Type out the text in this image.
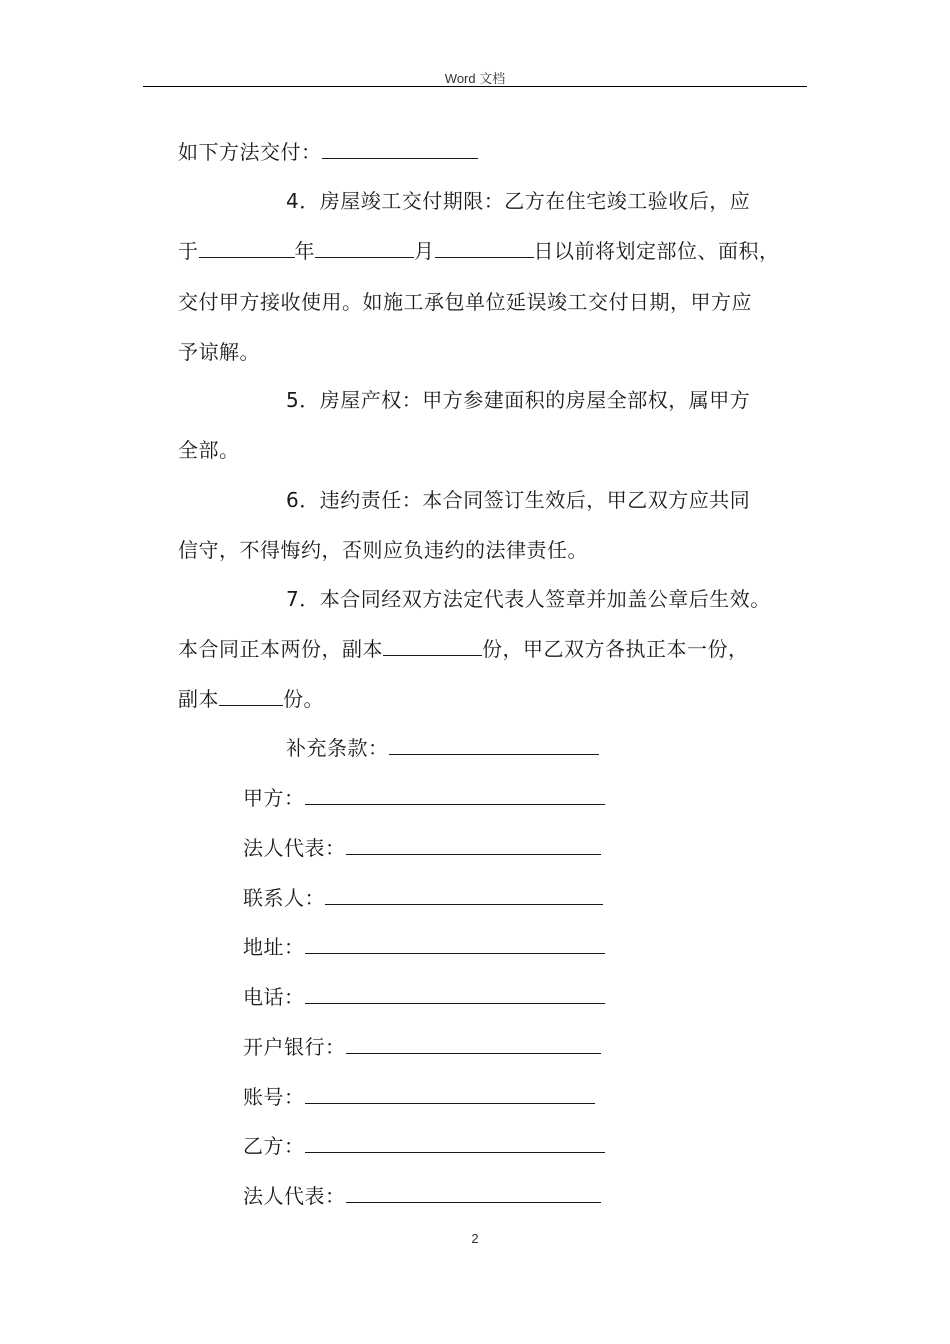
Word 文档
如下方法交付：
4．房屋竣工交付期限：乙方在住宅竣工验收后，应
于	年	月	日以前将划定部位、面积，
交付甲方接收使用。如施工承包单位延误竣工交付日期，甲方应
予谅解。
5．房屋产权：甲方参建面积的房屋全部权，属甲方
全部。
6．违约责任：本合同签订生效后，甲乙双方应共同
信守，不得悔约，否则应负违约的法律责任。
7．本合同经双方法定代表人签章并加盖公章后生效。
本合同正本两份，副本	份，甲乙双方各执正本一份，
副本	份。
补充条款：
甲方：
法人代表：
联系人：
地址：
电话：
开户银行：
账号：
乙方：
法人代表：
2
